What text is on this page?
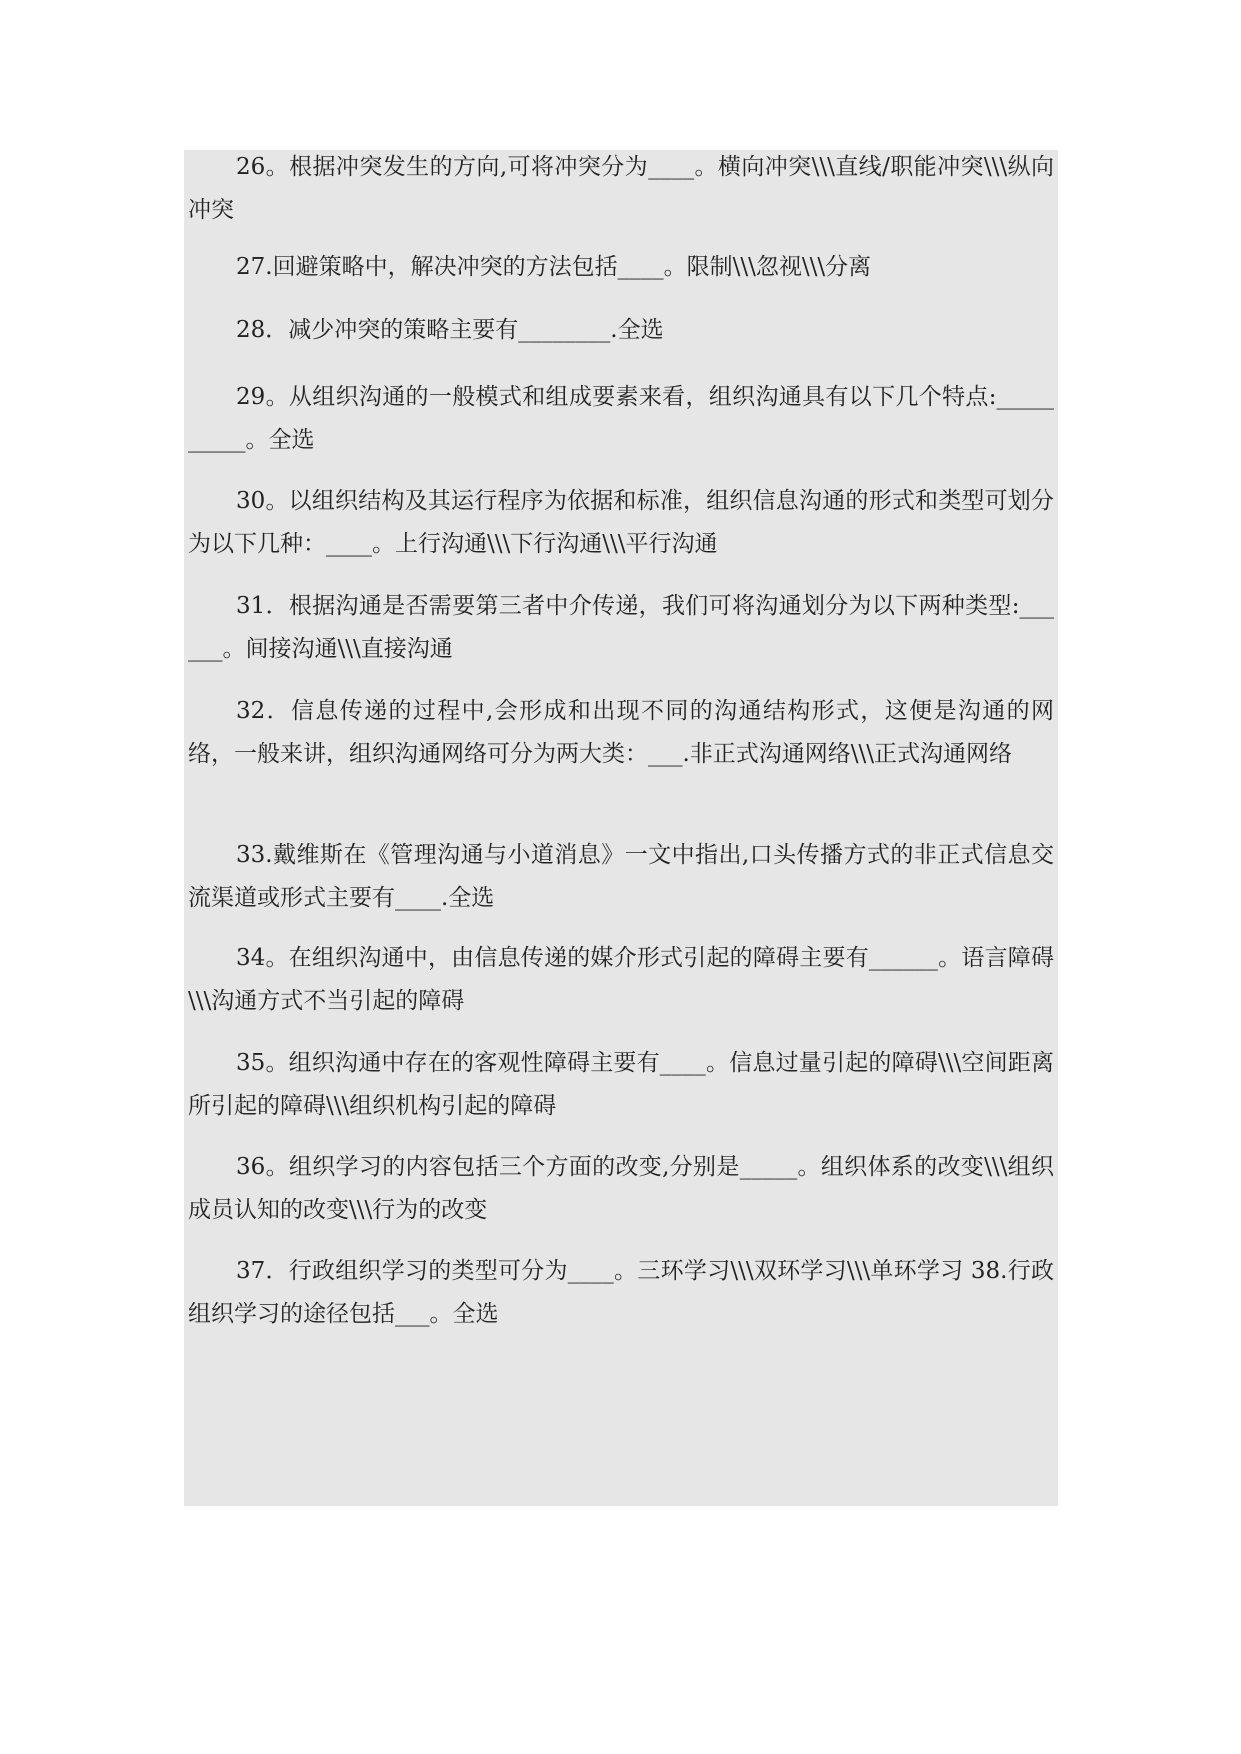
26。根据冲突发生的方向,可将冲突分为____。横向冲突\\\直线/职能冲突\\\纵向冲突

27.回避策略中，解决冲突的方法包括____。限制\\\忽视\\\分离

28．减少冲突的策略主要有________.全选

29。从组织沟通的一般模式和组成要素来看，组织沟通具有以下几个特点:__________。全选

30。以组织结构及其运行程序为依据和标准，组织信息沟通的形式和类型可划分为以下几种：____。上行沟通\\\下行沟通\\\平行沟通

31．根据沟通是否需要第三者中介传递，我们可将沟通划分为以下两种类型:______。间接沟通\\\直接沟通

32．信息传递的过程中,会形成和出现不同的沟通结构形式，这便是沟通的网络，一般来讲，组织沟通网络可分为两大类：___.非正式沟通网络\\\正式沟通网络

33.戴维斯在《管理沟通与小道消息》一文中指出,口头传播方式的非正式信息交流渠道或形式主要有____.全选

34。在组织沟通中，由信息传递的媒介形式引起的障碍主要有______。语言障碍\\\沟通方式不当引起的障碍

35。组织沟通中存在的客观性障碍主要有____。信息过量引起的障碍\\\空间距离所引起的障碍\\\组织机构引起的障碍

36。组织学习的内容包括三个方面的改变,分别是_____。组织体系的改变\\\组织成员认知的改变\\\行为的改变

37．行政组织学习的类型可分为____。三环学习\\\双环学习\\\单环学习 38.行政组织学习的途径包括___。全选
